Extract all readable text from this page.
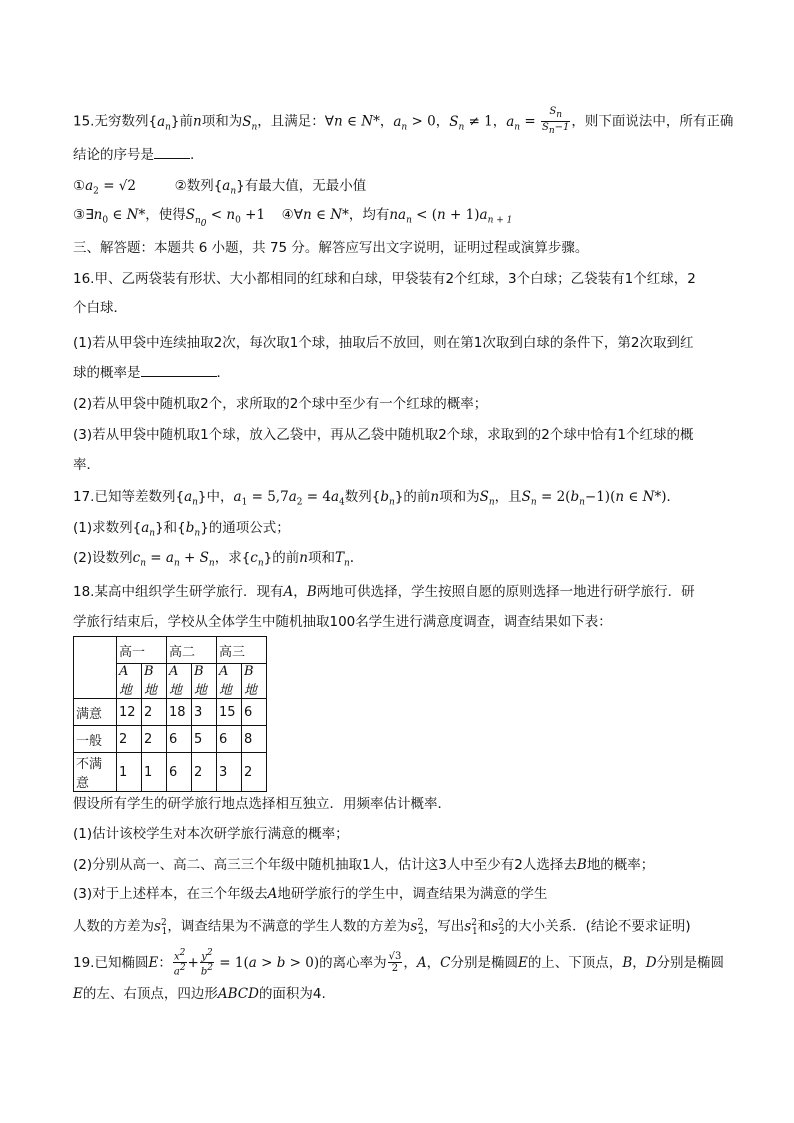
15.无穷数列$\{a_n\}$前n项和为$S_n$，且满足：∀n ∈ N*，$a_n > 0$，$S_n \ne 1$，$a_n = \frac{S_n}{S_n-1}$ ，则下面说法中，所有正确
结论的序号是	.
$①a_2 = √2$	②数列$\{a_n\}$有最大值，无最小值
$③\exists n_0$ ∈ N*，使得$S_{n_0} < n_0 +1$ ④∀n ∈ N*，均有$na_n < (n + 1)a_{n + 1}$
三、解答题：本题共 6 小题，共 75 分。解答应写出文字说明，证明过程或演算步骤。
16.甲、乙两袋装有形状、大小都相同的红球和白球，甲袋装有2个红球，3个白球；乙袋装有1个红球，2
个白球．
(1)若从甲袋中连续抽取2次，每次取1个球，抽取后不放回，则在第1次取到白球的条件下，第2次取到红
球的概率是	．
(2)若从甲袋中随机取2个，求所取的2个球中至少有一个红球的概率；
(3)若从甲袋中随机取1个球，放入乙袋中，再从乙袋中随机取2个球，求取到的2个球中恰有1个红球的概
率．
17.已知等差数列$\{a_n\}$中，$a_1 = 5,7a_2 = 4a_4$数列$\{b_n\}$的前n项和为$S_n$，且$S_n = 2(b_n-1)(n$ ∈ N*)．
(1)求数列$\{a_n\}$和$\{b_n\}$的通项公式；
(2)设数列$c_n = a_n + S_n$，求$\{c_n\}$的前n项和$T_n$.
18.某高中组织学生研学旅行．现有A，B两地可供选择，学生按照自愿的原则选择一地进行研学旅行．研
学旅行结束后，学校从全体学生中随机抽取100名学生进行满意度调查，调查结果如下表：
	高一		高二		高三	
	A地	B地	A地	B地	A地	B地
满意	12	2	18	3	15	6
一般	2	2	6	5	6	8
不满意	1	1	6	2	3	2
假设所有学生的研学旅行地点选择相互独立．用频率估计概率．
(1)估计该校学生对本次研学旅行满意的概率；
(2)分别从高一、高二、高三三个年级中随机抽取1人，估计这3人中至少有2人选择去B地的概率；
(3)对于上述样本，在三个年级去A地研学旅行的学生中，调查结果为满意的学生
人数的方差为$s^2_1$，调查结果为不满意的学生人数的方差为$s^2_2$，写出$s^2_1$和$s^2_2$的大小关系．(结论不要求证明)
19.已知椭圆E： $\frac{x^2}{a^2} + \frac{y^2}{b^2} = 1(a > b > 0)$的离心率为 $\frac{√3}{2}$ ，A，C分别是椭圆E的上、下顶点，B，D分别是椭圆
E的左、右顶点，四边形ABCD的面积为4.
